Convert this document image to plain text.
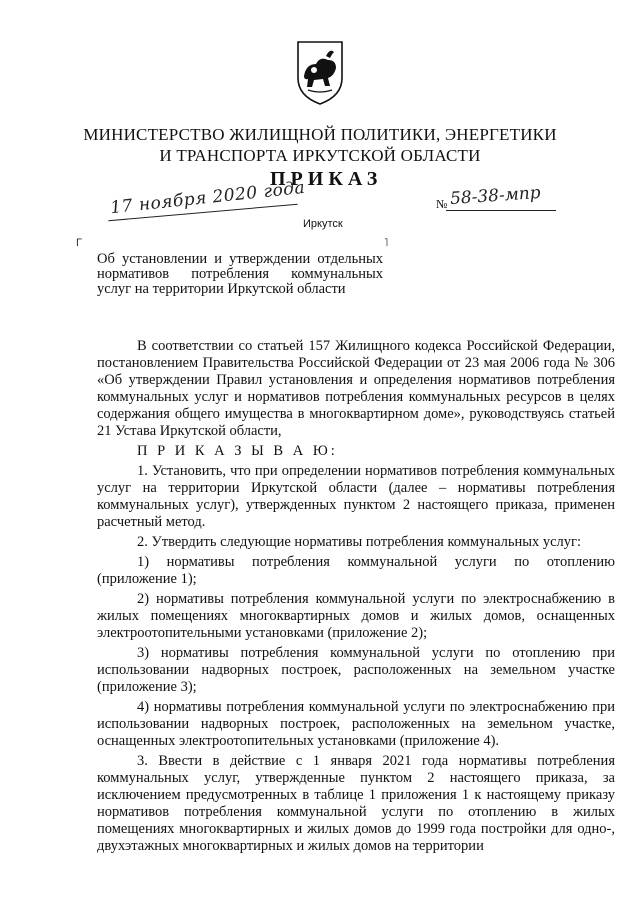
МИНИСТЕРСТВО ЖИЛИЩНОЙ ПОЛИТИКИ, ЭНЕРГЕТИКИ
И ТРАНСПОРТА ИРКУТСКОЙ ОБЛАСТИ
ПРИКАЗ
17 ноября 2020 года	№ 58-38-мпр
Иркутск
Г	˥
Об установлении и утверждении отдельных нормативов потребления коммунальных услуг на территории Иркутской области

В соответствии со статьей 157 Жилищного кодекса Российской Федерации, постановлением Правительства Российской Федерации от 23 мая 2006 года № 306 «Об утверждении Правил установления и определения нормативов потребления коммунальных услуг и нормативов потребления коммунальных ресурсов в целях содержания общего имущества в многоквартирном доме», руководствуясь статьей 21 Устава Иркутской области,

П Р И К А З Ы В А Ю:

1. Установить, что при определении нормативов потребления коммунальных услуг на территории Иркутской области (далее – нормативы потребления коммунальных услуг), утвержденных пунктом 2 настоящего приказа, применен расчетный метод.

2. Утвердить следующие нормативы потребления коммунальных услуг:

1) нормативы потребления коммунальной услуги по отоплению (приложение 1);

2) нормативы потребления коммунальной услуги по электроснабжению в жилых помещениях многоквартирных домов и жилых домов, оснащенных электроотопительными установками (приложение 2);

3) нормативы потребления коммунальной услуги по отоплению при использовании надворных построек, расположенных на земельном участке (приложение 3);

4) нормативы потребления коммунальной услуги по электроснабжению при использовании надворных построек, расположенных на земельном участке, оснащенных электроотопительных установками (приложение 4).

3. Ввести в действие с 1 января 2021 года нормативы потребления коммунальных услуг, утвержденные пунктом 2 настоящего приказа, за исключением предусмотренных в таблице 1 приложения 1 к настоящему приказу нормативов потребления коммунальной услуги по отоплению в жилых помещениях многоквартирных и жилых домов до 1999 года постройки для одно-, двухэтажных многоквартирных и жилых домов на территории
